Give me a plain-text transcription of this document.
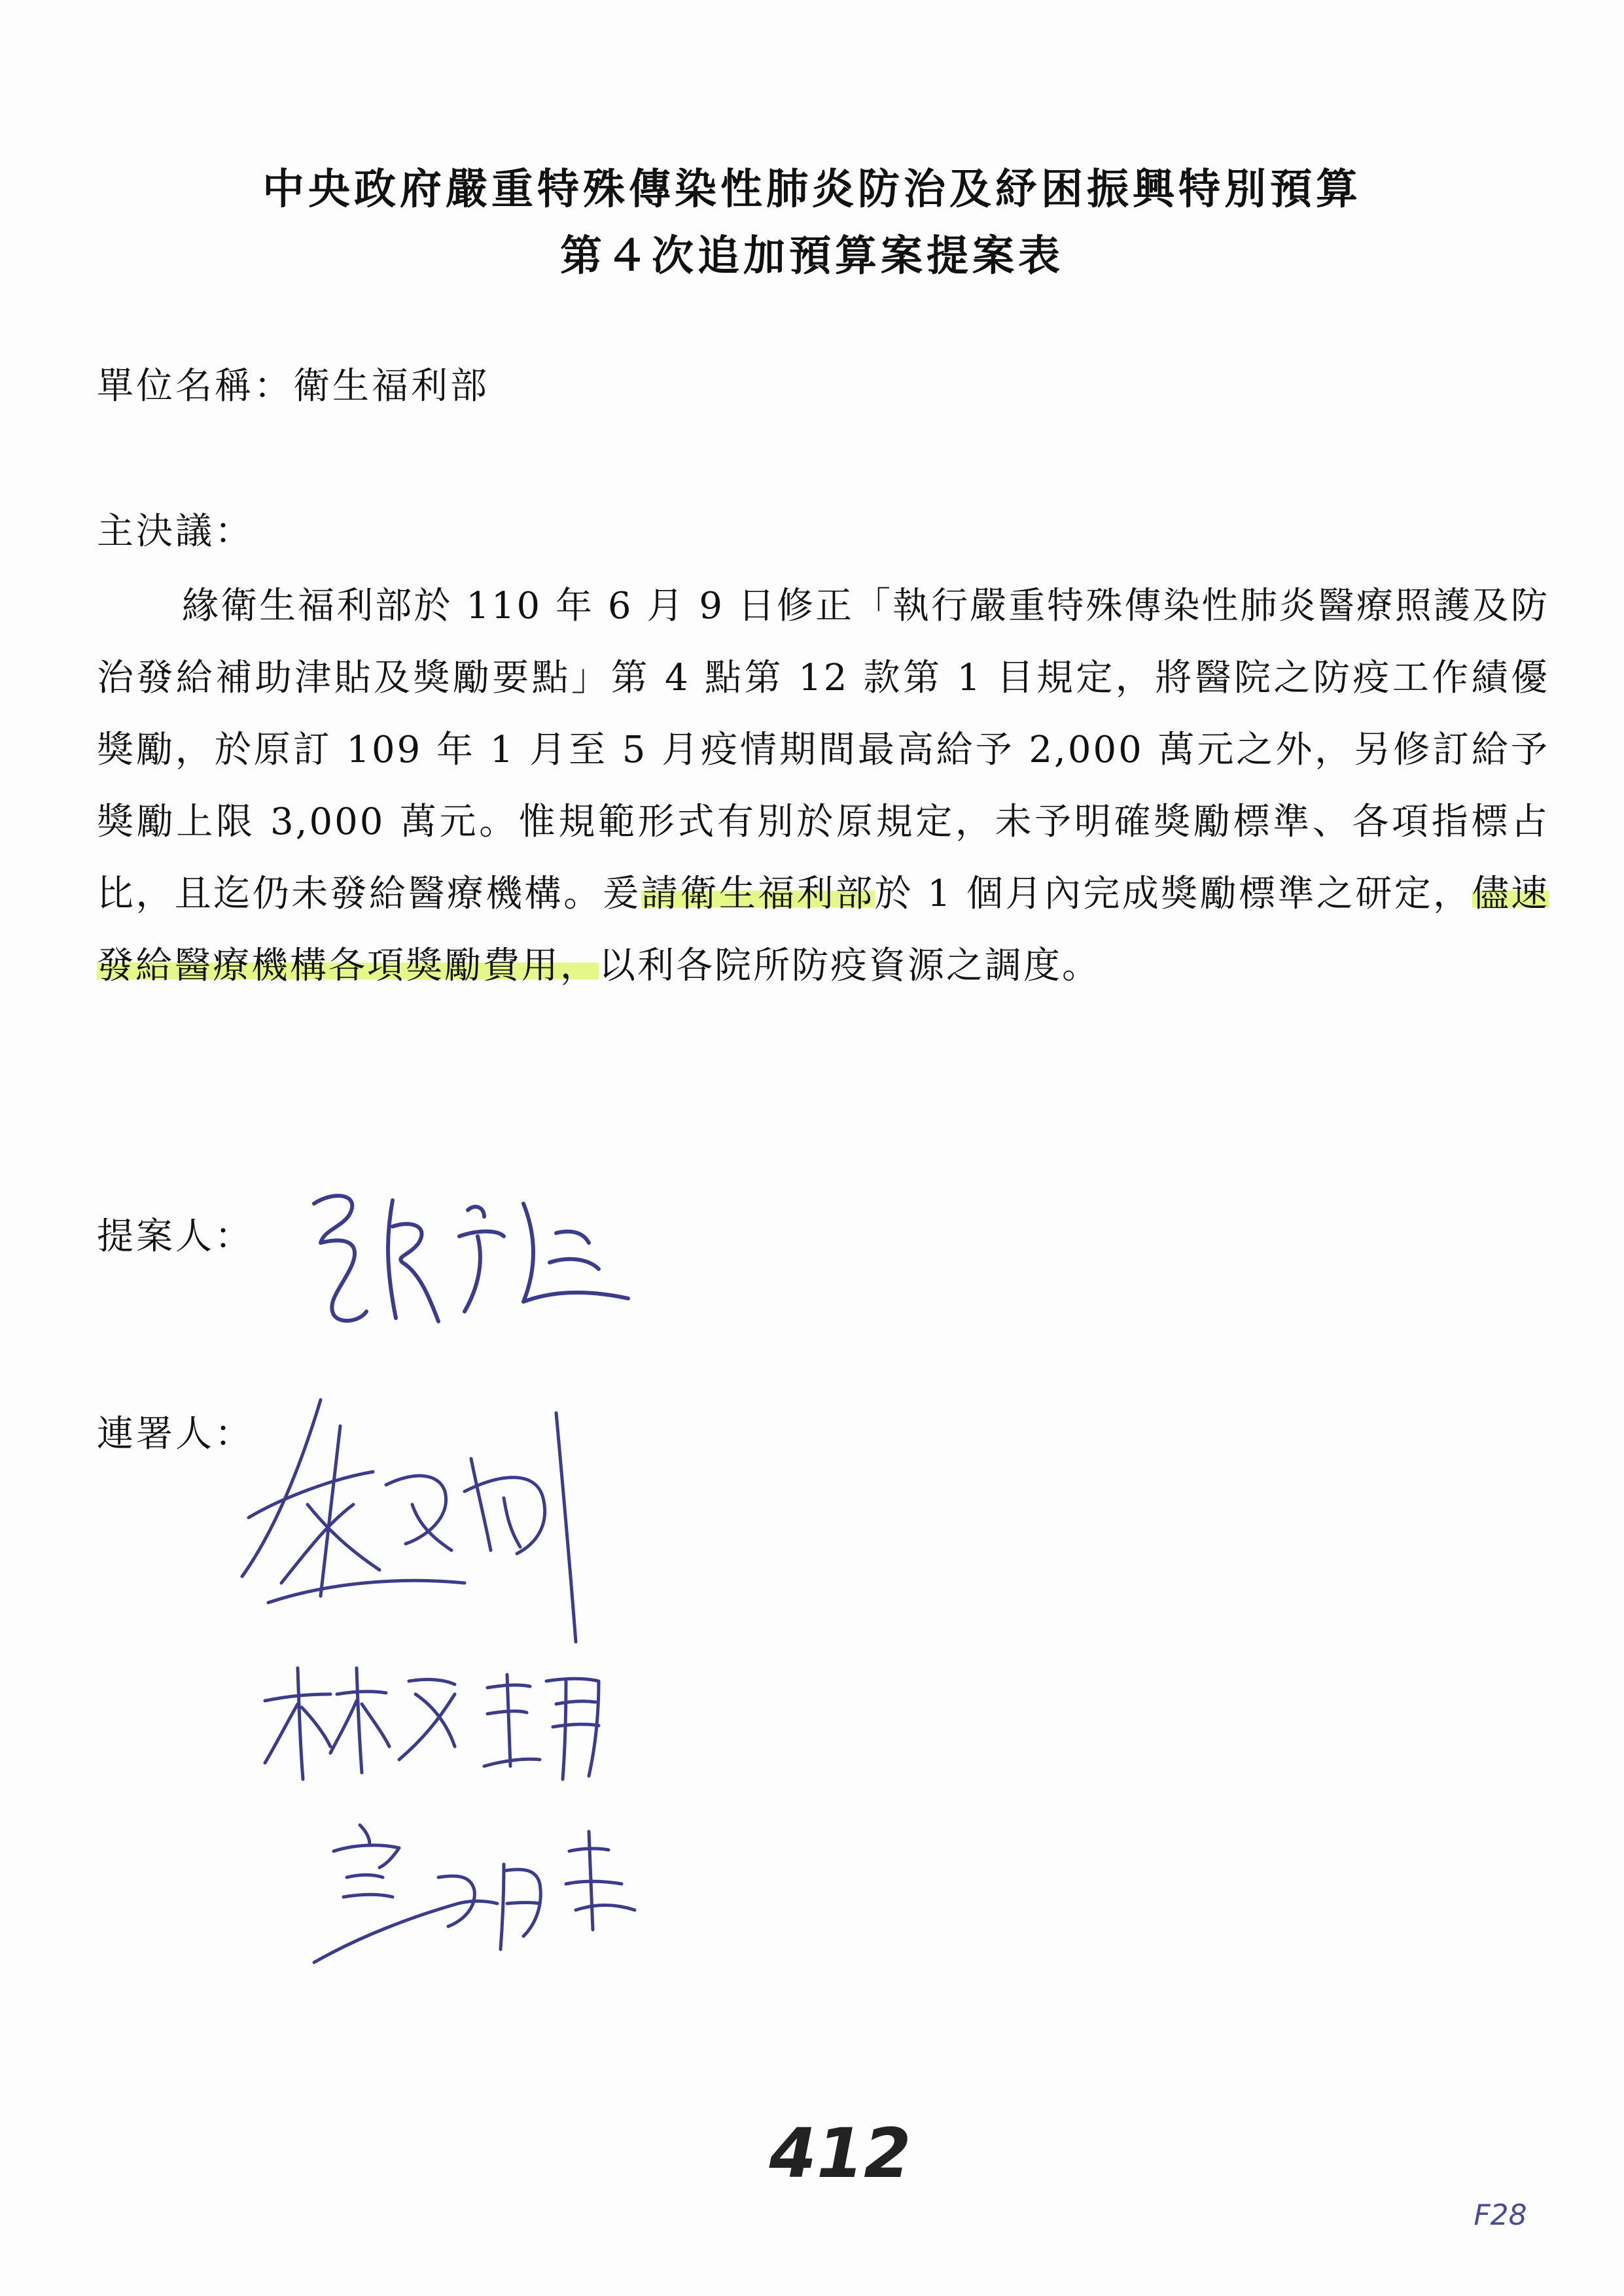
中央政府嚴重特殊傳染性肺炎防治及紓困振興特別預算
第４次追加預算案提案表
單位名稱：衛生福利部
主決議：

緣衛生福利部於 110 年 6 月 9 日修正「執行嚴重特殊傳染性肺炎醫療照護及防治發給補助津貼及獎勵要點」第 4 點第 12 款第 1 目規定，將醫院之防疫工作績優獎勵，於原訂 109 年 1 月至 5 月疫情期間最高給予 2,000 萬元之外，另修訂給予獎勵上限 3,000 萬元。惟規範形式有別於原規定，未予明確獎勵標準、各項指標占比，且迄仍未發給醫療機構。爰請衛生福利部於 1 個月內完成獎勵標準之研定，儘速發給醫療機構各項獎勵費用，以利各院所防疫資源之調度。

提案人：
連署人：
412
F28
